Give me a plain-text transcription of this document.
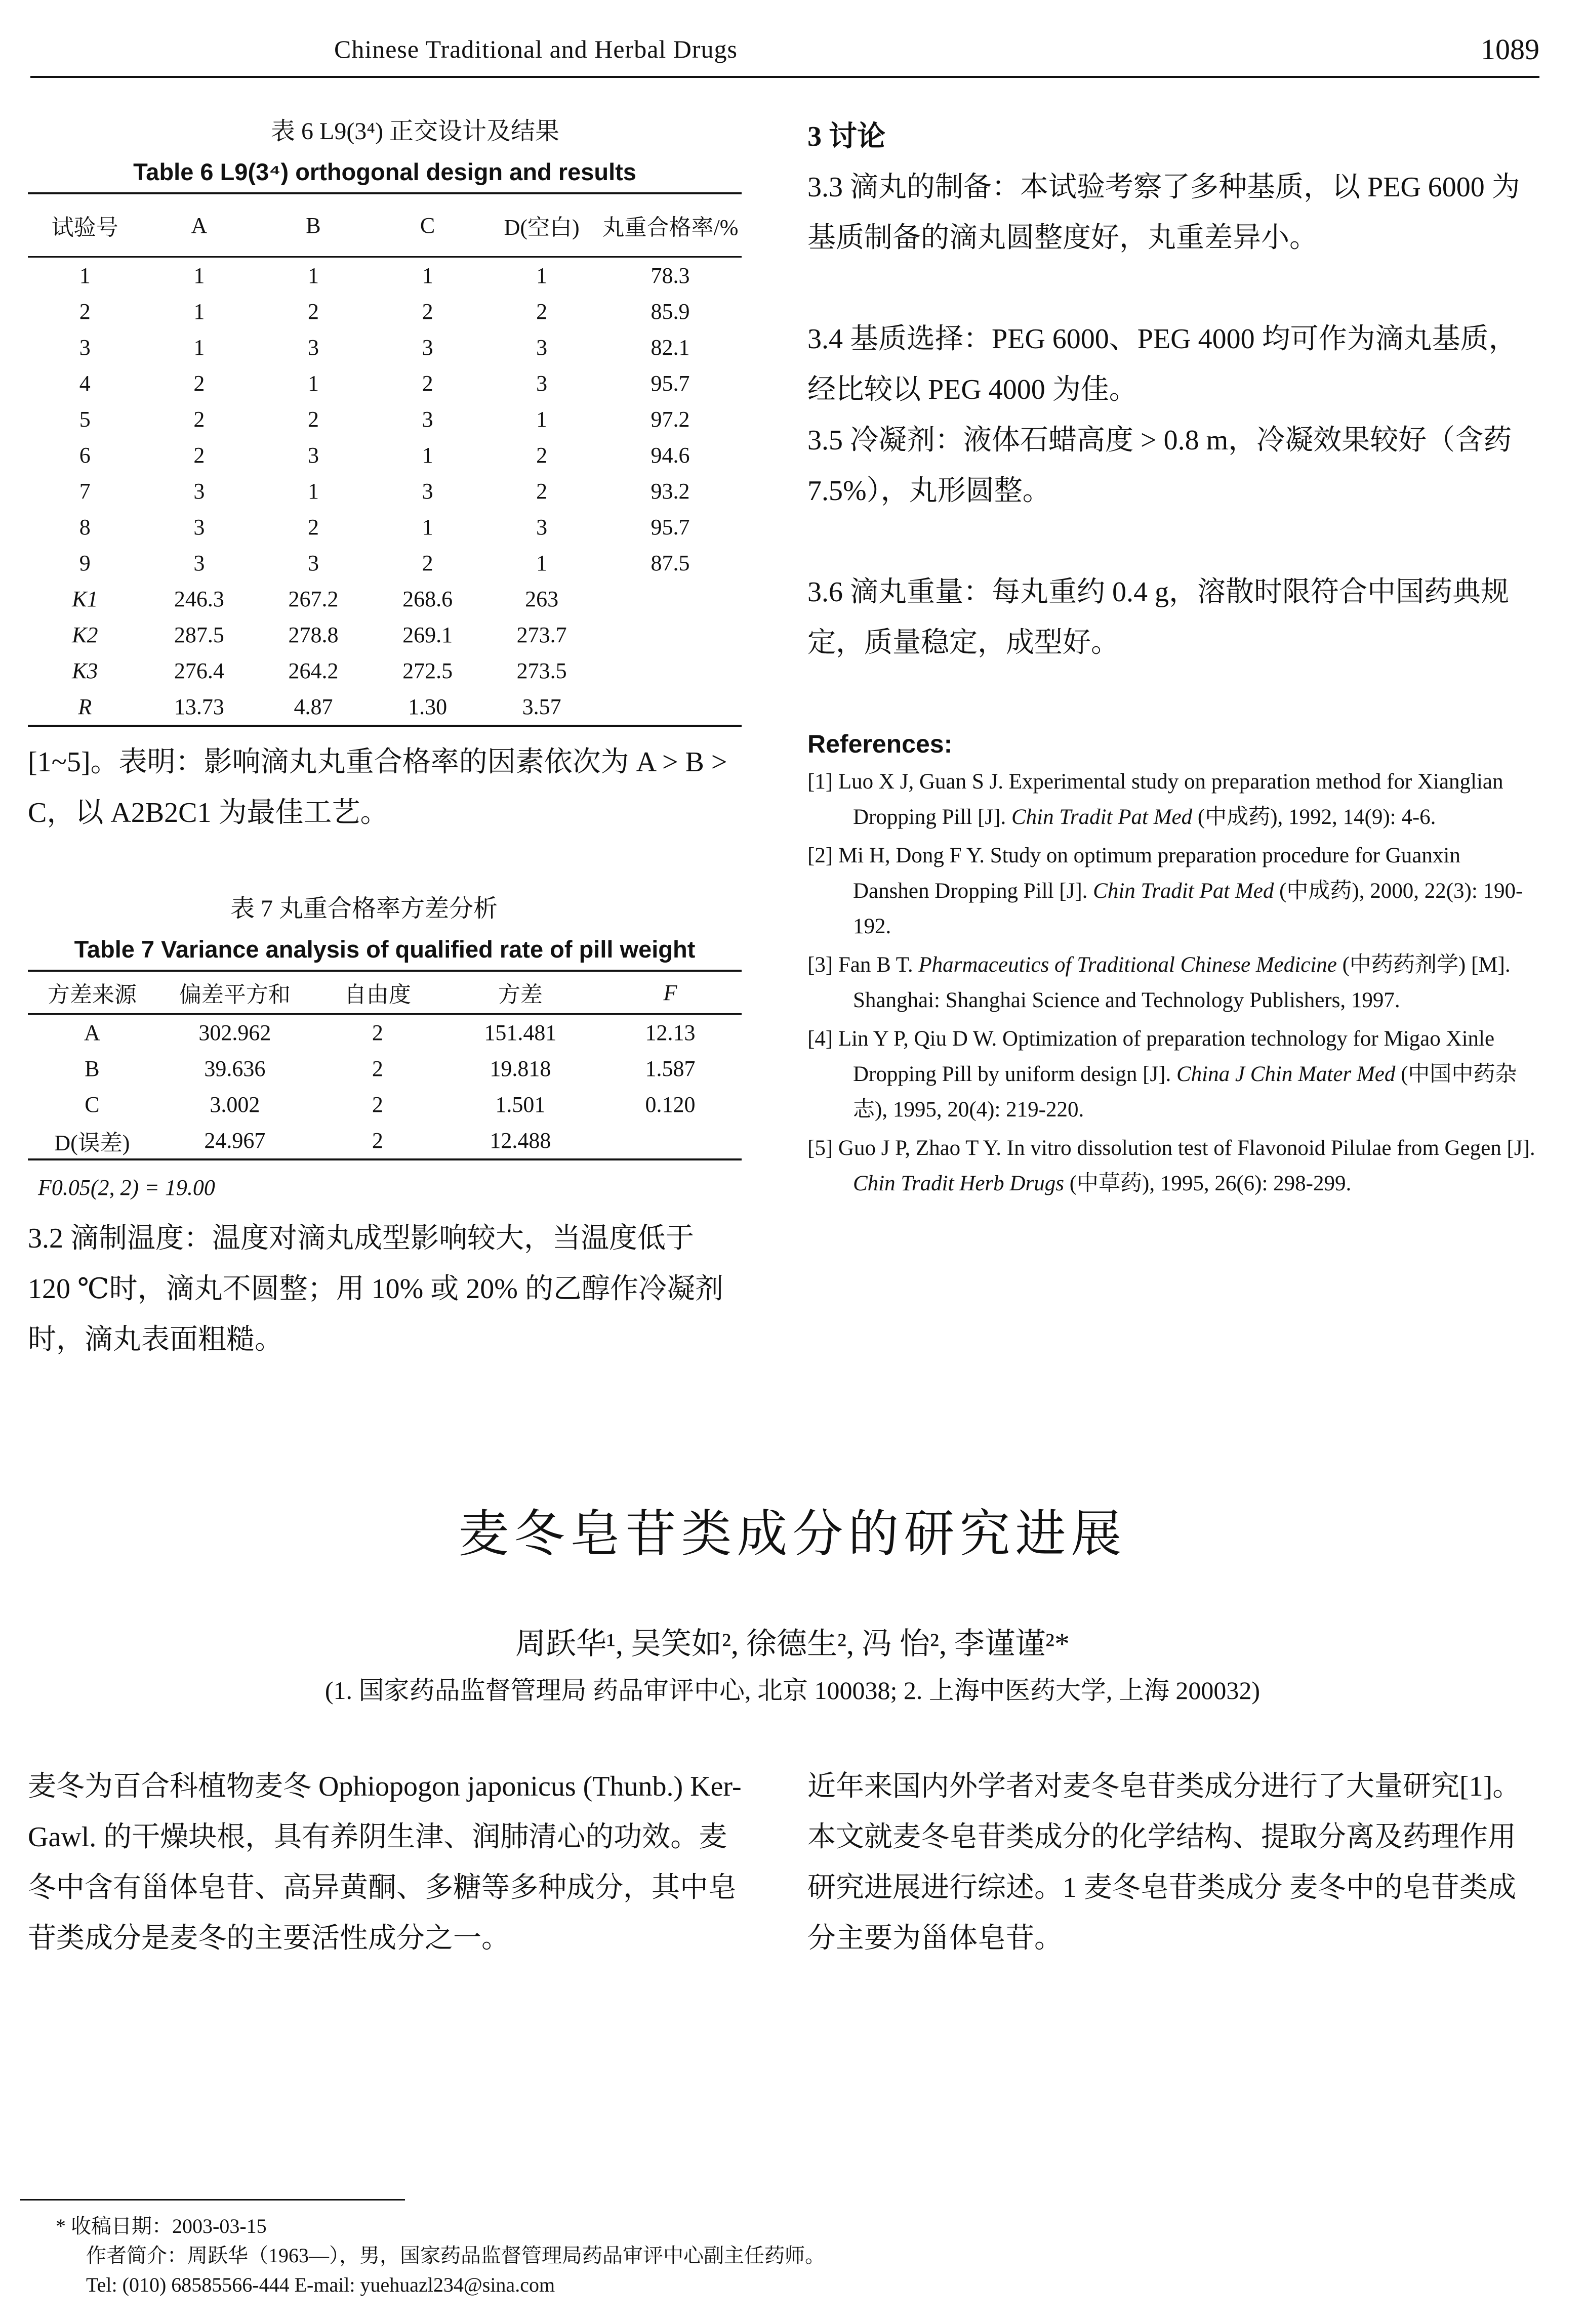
Chinese Traditional and Herbal Drugs	1089
表 6 L9(3⁴) 正交设计及结果
Table 6 L9(3⁴) orthogonal design and results
试验号	A	B	C	D(空白)	丸重合格率/%
1	1	1	1	1	78.3
2	1	2	2	2	85.9
3	1	3	3	3	82.1
4	2	1	2	3	95.7
5	2	2	3	1	97.2
6	2	3	1	2	94.6
7	3	1	3	2	93.2
8	3	2	1	3	95.7
9	3	3	2	1	87.5
K1	246.3	267.2	268.6	263	
K2	287.5	278.8	269.1	273.7	
K3	276.4	264.2	272.5	273.5	
R	13.73	4.87	1.30	3.57	
[1~5]。表明：影响滴丸丸重合格率的因素依次为 A > B > C，以 A2B2C1 为最佳工艺。
表 7 丸重合格率方差分析
Table 7 Variance analysis of qualified rate of pill weight
方差来源	偏差平方和	自由度	方差	F
A	302.962	2	151.481	12.13
B	39.636	2	19.818	1.587
C	3.002	2	1.501	0.120
D(误差)	24.967	2	12.488	
F0.05(2, 2) = 19.00
3.2 滴制温度：温度对滴丸成型影响较大，当温度低于 120 ℃时，滴丸不圆整；用 10% 或 20% 的乙醇作冷凝剂时，滴丸表面粗糙。
3 讨论
3.3 滴丸的制备：本试验考察了多种基质，以 PEG 6000 为基质制备的滴丸圆整度好，丸重差异小。
3.4 基质选择：PEG 6000、PEG 4000 均可作为滴丸基质，经比较以 PEG 4000 为佳。
3.5 冷凝剂：液体石蜡高度 > 0.8 m，冷凝效果较好（含药 7.5%），丸形圆整。
3.6 滴丸重量：每丸重约 0.4 g，溶散时限符合中国药典规定，质量稳定，成型好。
References:
[1] Luo X J, Guan S J. Experimental study on preparation method for Xianglian Dropping Pill [J]. Chin Tradit Pat Med (中成药), 1992, 14(9): 4-6.
[2] Mi H, Dong F Y. Study on optimum preparation procedure for Guanxin Danshen Dropping Pill [J]. Chin Tradit Pat Med (中成药), 2000, 22(3): 190-192.
[3] Fan B T. Pharmaceutics of Traditional Chinese Medicine (中药药剂学) [M]. Shanghai: Shanghai Science and Technology Publishers, 1997.
[4] Lin Y P, Qiu D W. Optimization of preparation technology for Migao Xinle Dropping Pill by uniform design [J]. China J Chin Mater Med (中国中药杂志), 1995, 20(4): 219-220.
[5] Guo J P, Zhao T Y. In vitro dissolution test of Flavonoid Pilulae from Gegen [J]. Chin Tradit Herb Drugs (中草药), 1995, 26(6): 298-299.
麦冬皂苷类成分的研究进展
周跃华¹, 吴笑如², 徐德生², 冯 怡², 李谨谨²*
(1. 国家药品监督管理局 药品审评中心, 北京 100038; 2. 上海中医药大学, 上海 200032)
麦冬为百合科植物麦冬 Ophiopogon japonicus (Thunb.) Ker-Gawl. 的干燥块根，具有养阴生津、润肺清心的功效。麦冬中含有甾体皂苷、高异黄酮、多糖等多种成分，其中皂苷类成分是麦冬的主要活性成分之一。
近年来国内外学者对麦冬皂苷类成分进行了大量研究[1]。本文就麦冬皂苷类成分的化学结构、提取分离及药理作用研究进展进行综述。1 麦冬皂苷类成分 麦冬中的皂苷类成分主要为甾体皂苷。
* 收稿日期：2003-03-15
作者简介：周跃华（1963—），男，国家药品监督管理局药品审评中心副主任药师。
Tel: (010) 68585566-444 E-mail: yuehuazl234@sina.com
